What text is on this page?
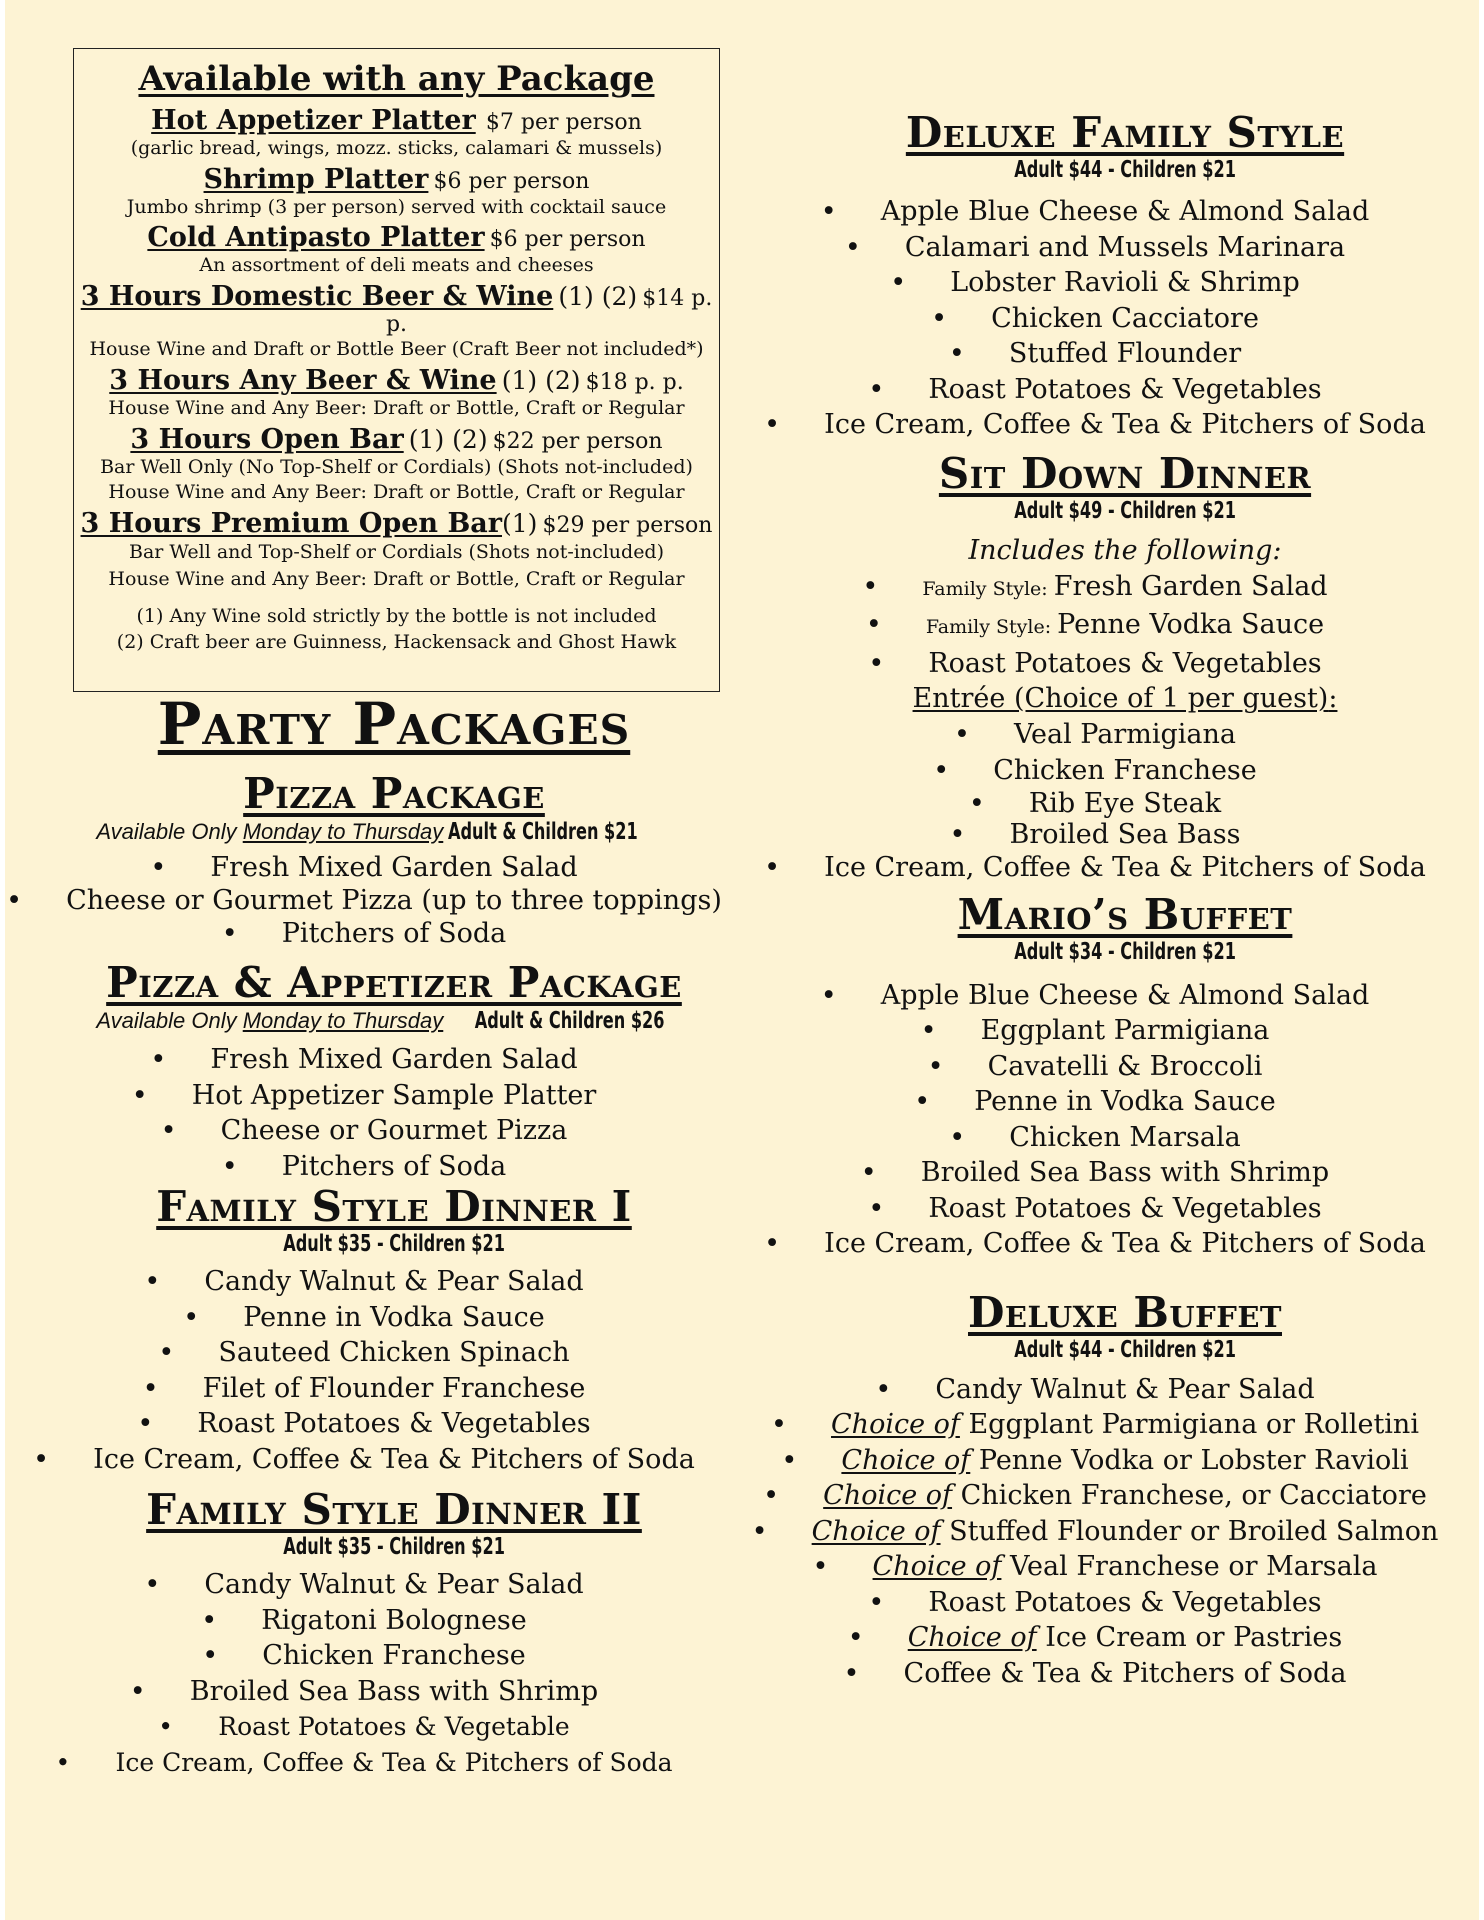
Available with any Package
Hot Appetizer Platter $7 per person
(garlic bread, wings, mozz. sticks, calamari & mussels)
Shrimp Platter $6 per person
Jumbo shrimp (3 per person) served with cocktail sauce
Cold Antipasto Platter $6 per person
An assortment of deli meats and cheeses
3 Hours Domestic Beer & Wine (1) (2) $14 p. p.
House Wine and Draft or Bottle Beer (Craft Beer not included*)
3 Hours Any Beer & Wine (1) (2) $18 p. p.
House Wine and Any Beer: Draft or Bottle, Craft or Regular
3 Hours Open Bar (1) (2) $22 per person
Bar Well Only (No Top-Shelf or Cordials) (Shots not-included)
House Wine and Any Beer: Draft or Bottle, Craft or Regular
3 Hours Premium Open Bar(1) $29 per person
Bar Well and Top-Shelf or Cordials (Shots not-included)
House Wine and Any Beer: Draft or Bottle, Craft or Regular
(1) Any Wine sold strictly by the bottle is not included
(2) Craft beer are Guinness, Hackensack and Ghost Hawk
Party Packages
Pizza Package
Available Only Monday to Thursday Adult & Children $21
• Fresh Mixed Garden Salad
• Cheese or Gourmet Pizza (up to three toppings)
• Pitchers of Soda
Pizza & Appetizer Package
Available Only Monday to Thursday Adult & Children $26
• Fresh Mixed Garden Salad
• Hot Appetizer Sample Platter
• Cheese or Gourmet Pizza
• Pitchers of Soda
Family Style Dinner I
Adult $35 - Children $21
• Candy Walnut & Pear Salad
• Penne in Vodka Sauce
• Sauteed Chicken Spinach
• Filet of Flounder Franchese
• Roast Potatoes & Vegetables
• Ice Cream, Coffee & Tea & Pitchers of Soda
Family Style Dinner II
Adult $35 - Children $21
• Candy Walnut & Pear Salad
• Rigatoni Bolognese
• Chicken Franchese
• Broiled Sea Bass with Shrimp
• Roast Potatoes & Vegetable
• Ice Cream, Coffee & Tea & Pitchers of Soda
Deluxe Family Style
Adult $44 - Children $21
• Apple Blue Cheese & Almond Salad
• Calamari and Mussels Marinara
• Lobster Ravioli & Shrimp
• Chicken Cacciatore
• Stuffed Flounder
• Roast Potatoes & Vegetables
• Ice Cream, Coffee & Tea & Pitchers of Soda
Sit Down Dinner
Adult $49 - Children $21
Includes the following:
• Family Style: Fresh Garden Salad
• Family Style: Penne Vodka Sauce
• Roast Potatoes & Vegetables
Entrée (Choice of 1 per guest):
• Veal Parmigiana
• Chicken Franchese
• Rib Eye Steak
• Broiled Sea Bass
• Ice Cream, Coffee & Tea & Pitchers of Soda
Mario’s Buffet
Adult $34 - Children $21
• Apple Blue Cheese & Almond Salad
• Eggplant Parmigiana
• Cavatelli & Broccoli
• Penne in Vodka Sauce
• Chicken Marsala
• Broiled Sea Bass with Shrimp
• Roast Potatoes & Vegetables
• Ice Cream, Coffee & Tea & Pitchers of Soda
Deluxe Buffet
Adult $44 - Children $21
• Candy Walnut & Pear Salad
• Choice of Eggplant Parmigiana or Rolletini
• Choice of Penne Vodka or Lobster Ravioli
• Choice of Chicken Franchese, or Cacciatore
• Choice of Stuffed Flounder or Broiled Salmon
• Choice of Veal Franchese or Marsala
• Roast Potatoes & Vegetables
• Choice of Ice Cream or Pastries
• Coffee & Tea & Pitchers of Soda
